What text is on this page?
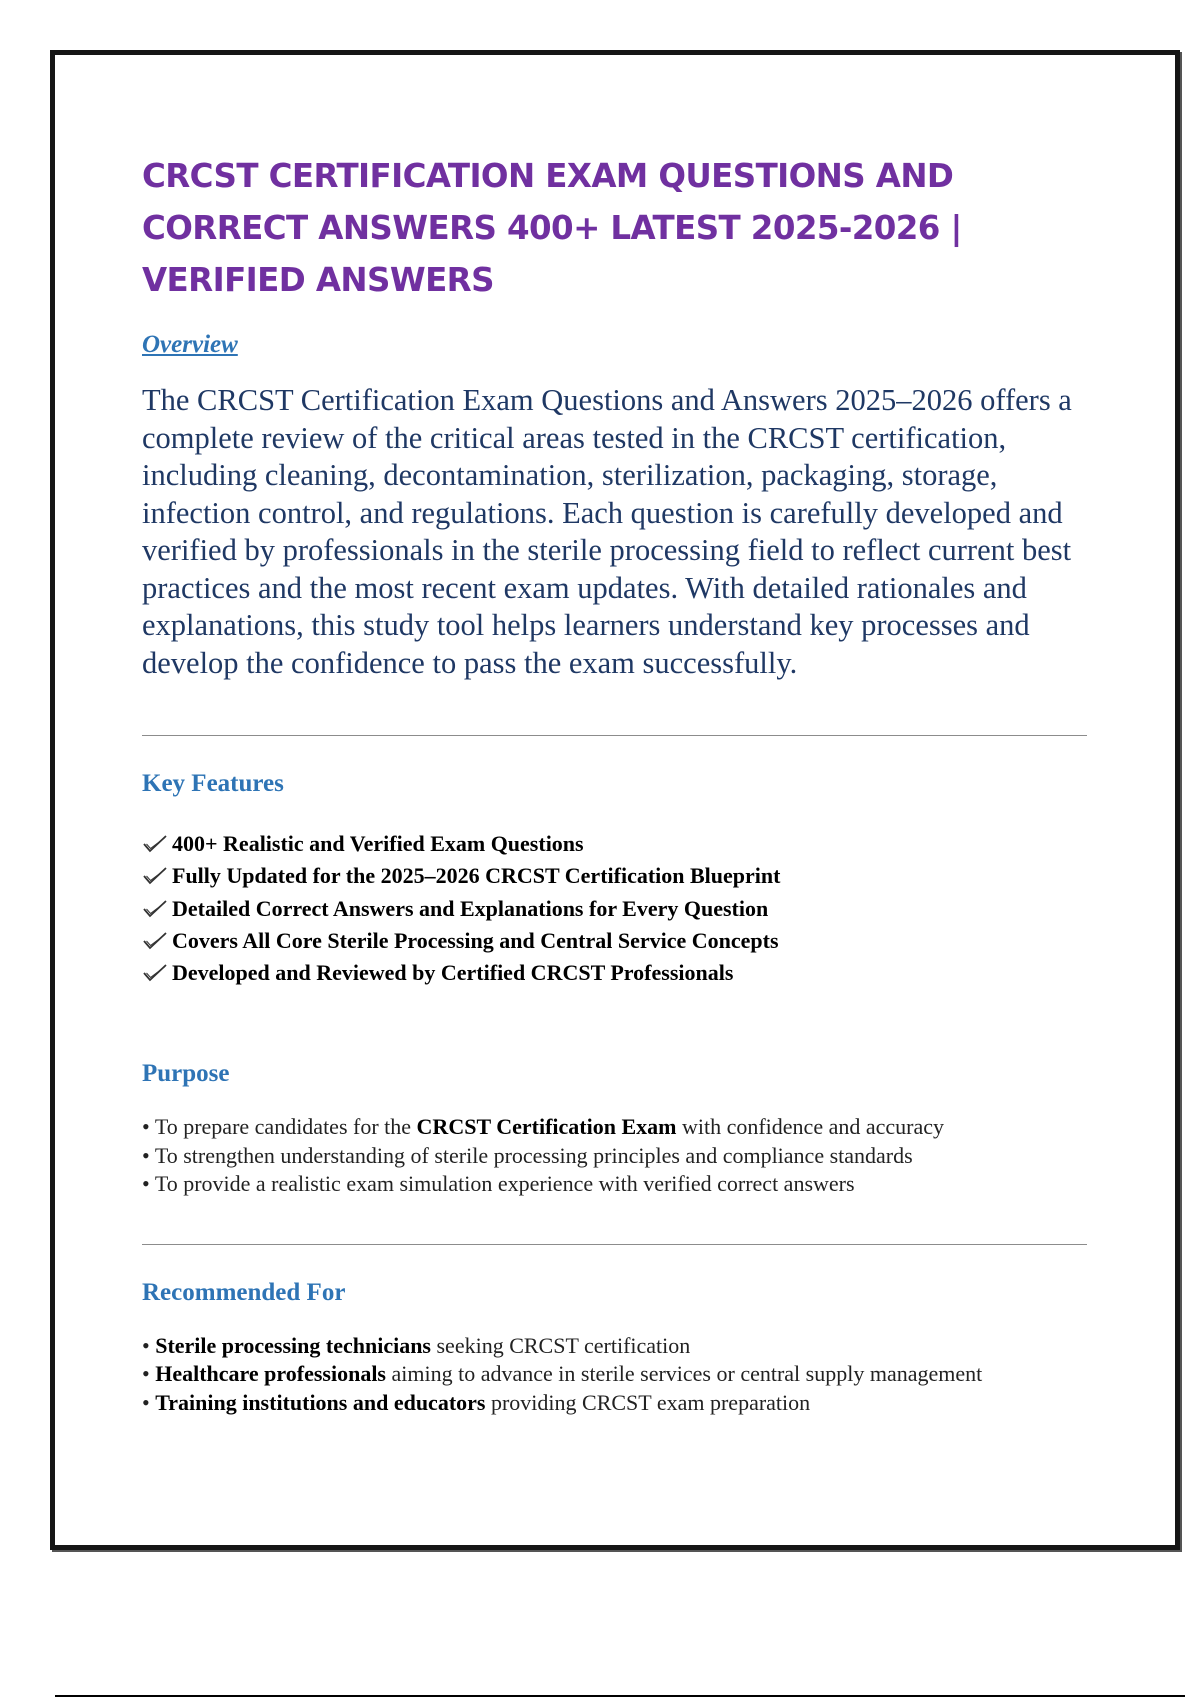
CRCST CERTIFICATION EXAM QUESTIONS AND CORRECT ANSWERS 400+ LATEST 2025-2026 | VERIFIED ANSWERS
Overview

The CRCST Certification Exam Questions and Answers 2025–2026 offers a complete review of the critical areas tested in the CRCST certification, including cleaning, decontamination, sterilization, packaging, storage, infection control, and regulations. Each question is carefully developed and verified by professionals in the sterile processing field to reflect current best practices and the most recent exam updates. With detailed rationales and explanations, this study tool helps learners understand key processes and develop the confidence to pass the exam successfully.

Key Features
400+ Realistic and Verified Exam Questions
Fully Updated for the 2025–2026 CRCST Certification Blueprint
Detailed Correct Answers and Explanations for Every Question
Covers All Core Sterile Processing and Central Service Concepts
Developed and Reviewed by Certified CRCST Professionals
Purpose
• To prepare candidates for the CRCST Certification Exam with confidence and accuracy
• To strengthen understanding of sterile processing principles and compliance standards
• To provide a realistic exam simulation experience with verified correct answers
Recommended For
• Sterile processing technicians seeking CRCST certification
• Healthcare professionals aiming to advance in sterile services or central supply management
• Training institutions and educators providing CRCST exam preparation
